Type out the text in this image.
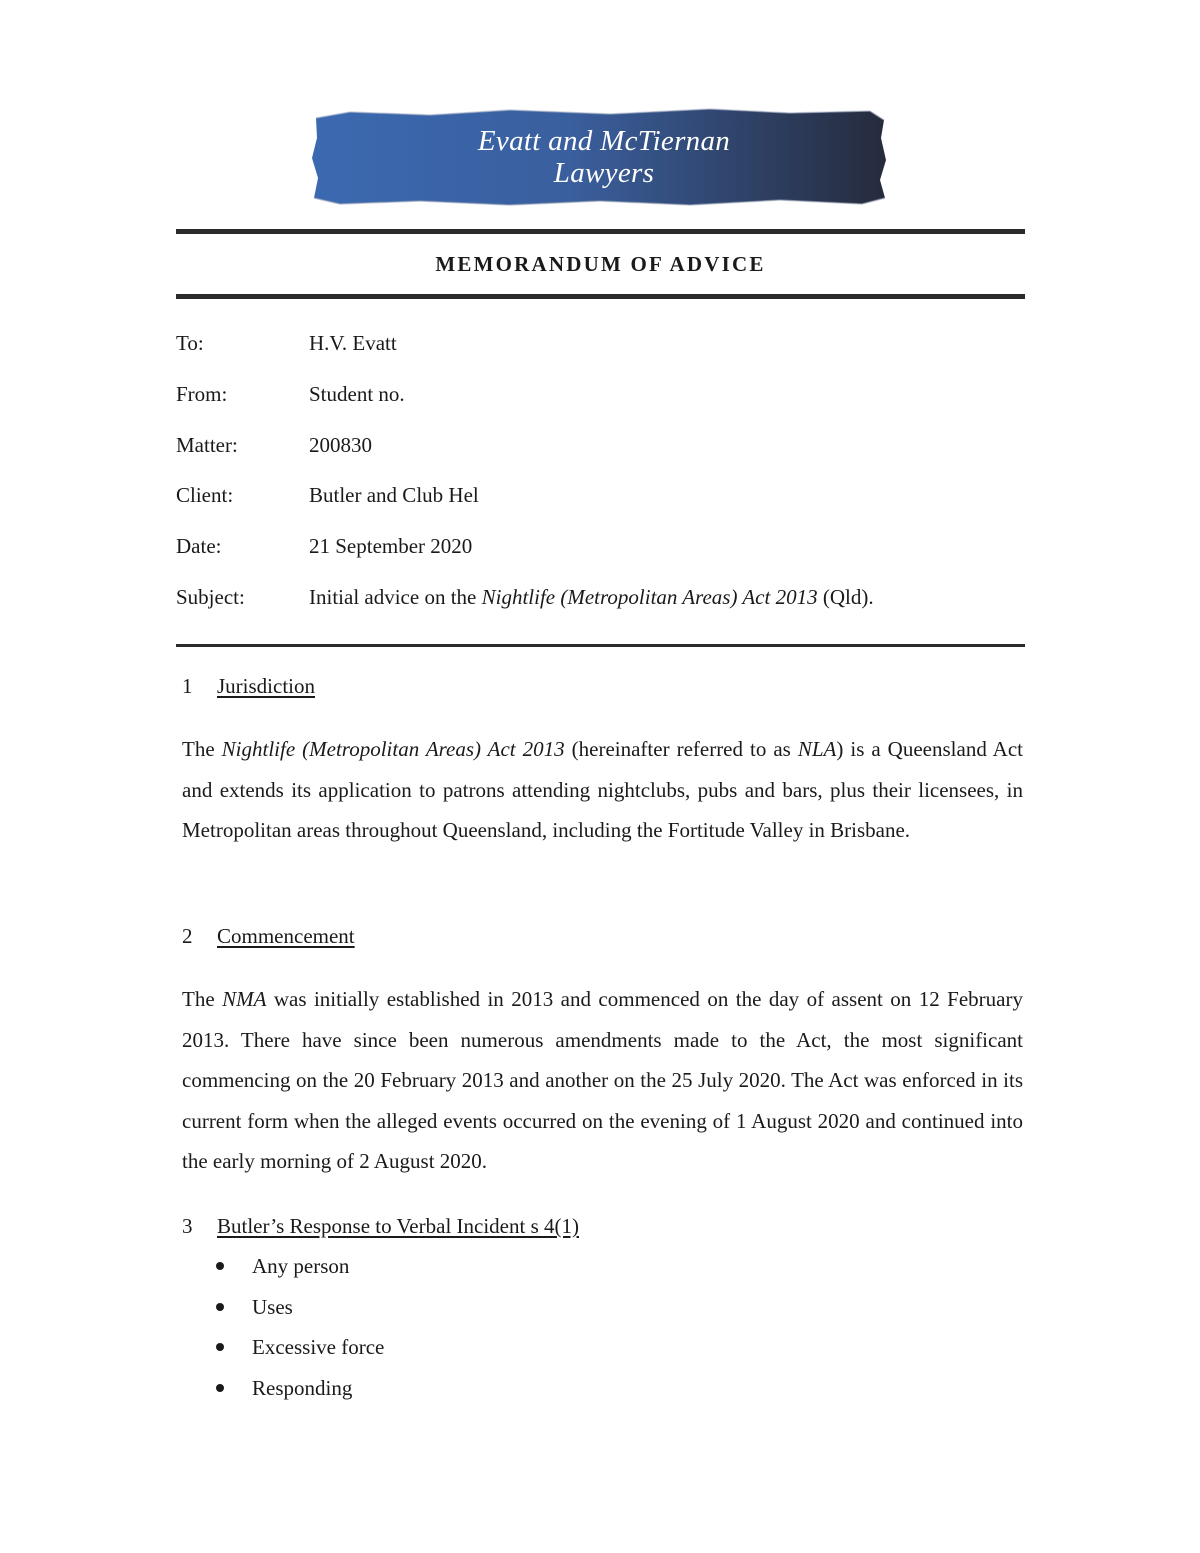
Evatt and McTiernan
Lawyers
MEMORANDUM OF ADVICE
To:	H.V. Evatt
From:	Student no.
Matter:	200830
Client:	Butler and Club Hel
Date:	21 September 2020
Subject:	Initial advice on the Nightlife (Metropolitan Areas) Act 2013 (Qld).
1 Jurisdiction
The Nightlife (Metropolitan Areas) Act 2013 (hereinafter referred to as NLA) is a Queensland Act and extends its application to patrons attending nightclubs, pubs and bars, plus their licensees, in Metropolitan areas throughout Queensland, including the Fortitude Valley in Brisbane.
2 Commencement
The NMA was initially established in 2013 and commenced on the day of assent on 12 February 2013. There have since been numerous amendments made to the Act, the most significant commencing on the 20 February 2013 and another on the 25 July 2020. The Act was enforced in its current form when the alleged events occurred on the evening of 1 August 2020 and continued into the early morning of 2 August 2020.
3 Butler’s Response to Verbal Incident s 4(1)
Any person
Uses
Excessive force
Responding
